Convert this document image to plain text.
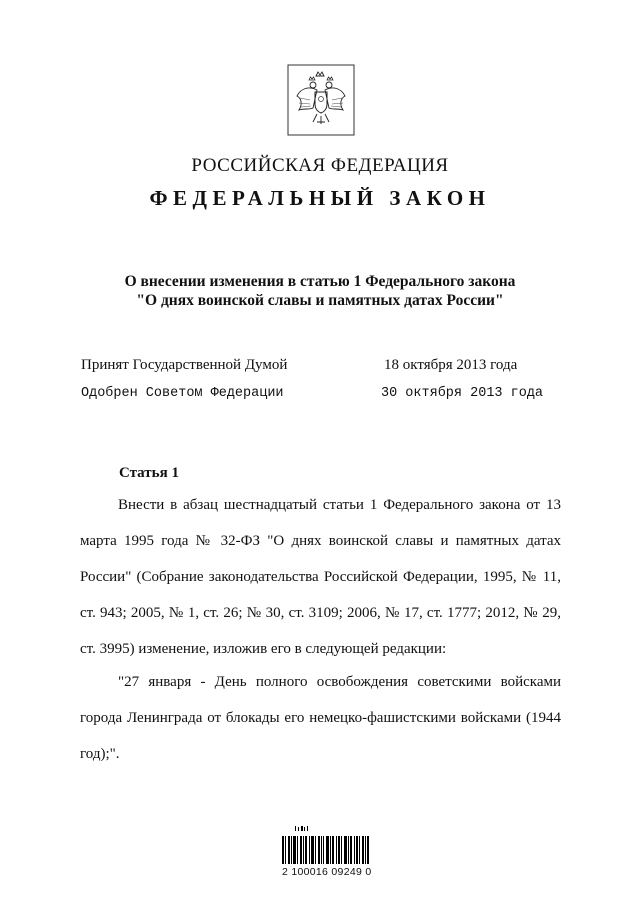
РОССИЙСКАЯ ФЕДЕРАЦИЯ
ФЕДЕРАЛЬНЫЙ ЗАКОН
О внесении изменения в статью 1 Федерального закона
"О днях воинской славы и памятных датах России"
Принят Государственной Думой	18 октября 2013 года
Одобрен Советом Федерации	30 октября 2013 года
Статья 1

Внести в абзац шестнадцатый статьи 1 Федерального закона от 13 марта 1995 года № 32-ФЗ "О днях воинской славы и памятных датах России" (Собрание законодательства Российской Федерации, 1995, № 11, ст. 943; 2005, № 1, ст. 26; № 30, ст. 3109; 2006, № 17, ст. 1777; 2012, № 29, ст. 3995) изменение, изложив его в следующей редакции:

"27 января - День полного освобождения советскими войсками города Ленинграда от блокады его немецко-фашистскими войсками (1944 год);".

2 100016 09249 0
